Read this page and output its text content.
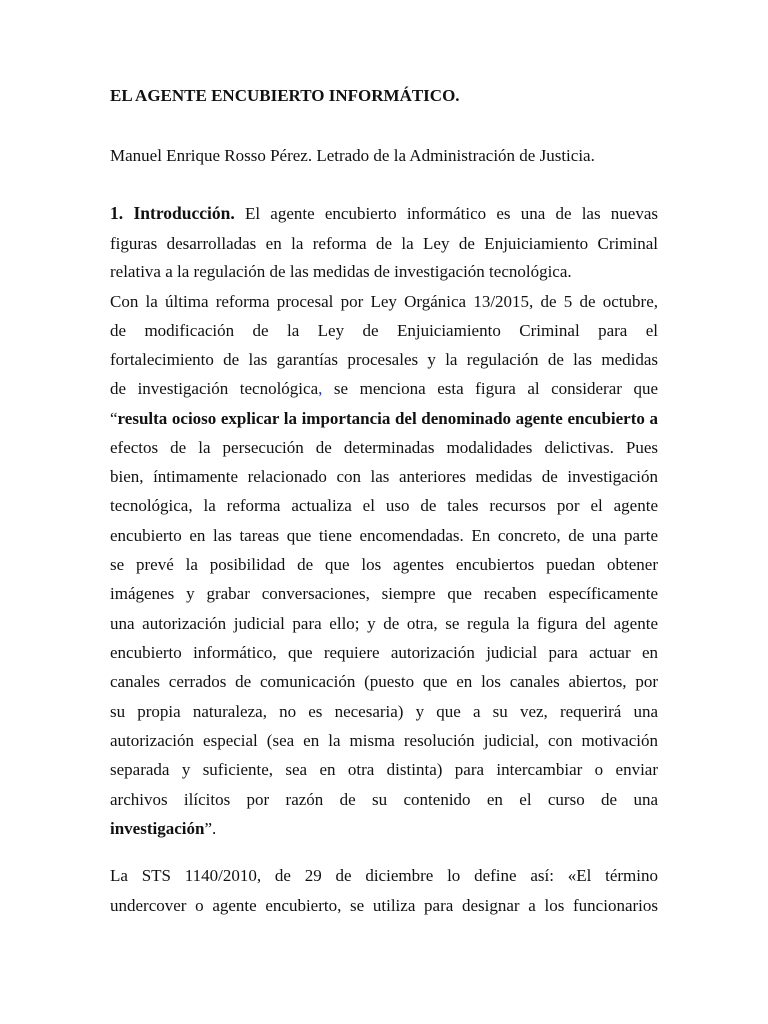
EL AGENTE ENCUBIERTO INFORMÁTICO.

Manuel Enrique Rosso Pérez. Letrado de la Administración de Justicia.

1. Introducción. El agente encubierto informático es una de las nuevas
figuras desarrolladas en la reforma de la Ley de Enjuiciamiento Criminal
relativa a la regulación de las medidas de investigación tecnológica.
Con la última reforma procesal por Ley Orgánica 13/2015, de 5 de octubre,
de modificación de la Ley de Enjuiciamiento Criminal para el
fortalecimiento de las garantías procesales y la regulación de las medidas
de investigación tecnológica, se menciona esta figura al considerar que
“resulta ocioso explicar la importancia del denominado agente encubierto a
efectos de la persecución de determinadas modalidades delictivas. Pues
bien, íntimamente relacionado con las anteriores medidas de investigación
tecnológica, la reforma actualiza el uso de tales recursos por el agente
encubierto en las tareas que tiene encomendadas. En concreto, de una parte
se prevé la posibilidad de que los agentes encubiertos puedan obtener
imágenes y grabar conversaciones, siempre que recaben específicamente
una autorización judicial para ello; y de otra, se regula la figura del agente
encubierto informático, que requiere autorización judicial para actuar en
canales cerrados de comunicación (puesto que en los canales abiertos, por
su propia naturaleza, no es necesaria) y que a su vez, requerirá una
autorización especial (sea en la misma resolución judicial, con motivación
separada y suficiente, sea en otra distinta) para intercambiar o enviar
archivos ilícitos por razón de su contenido en el curso de una
investigación”.
La STS 1140/2010, de 29 de diciembre lo define así: «El término
undercover o agente encubierto, se utiliza para designar a los funcionarios
